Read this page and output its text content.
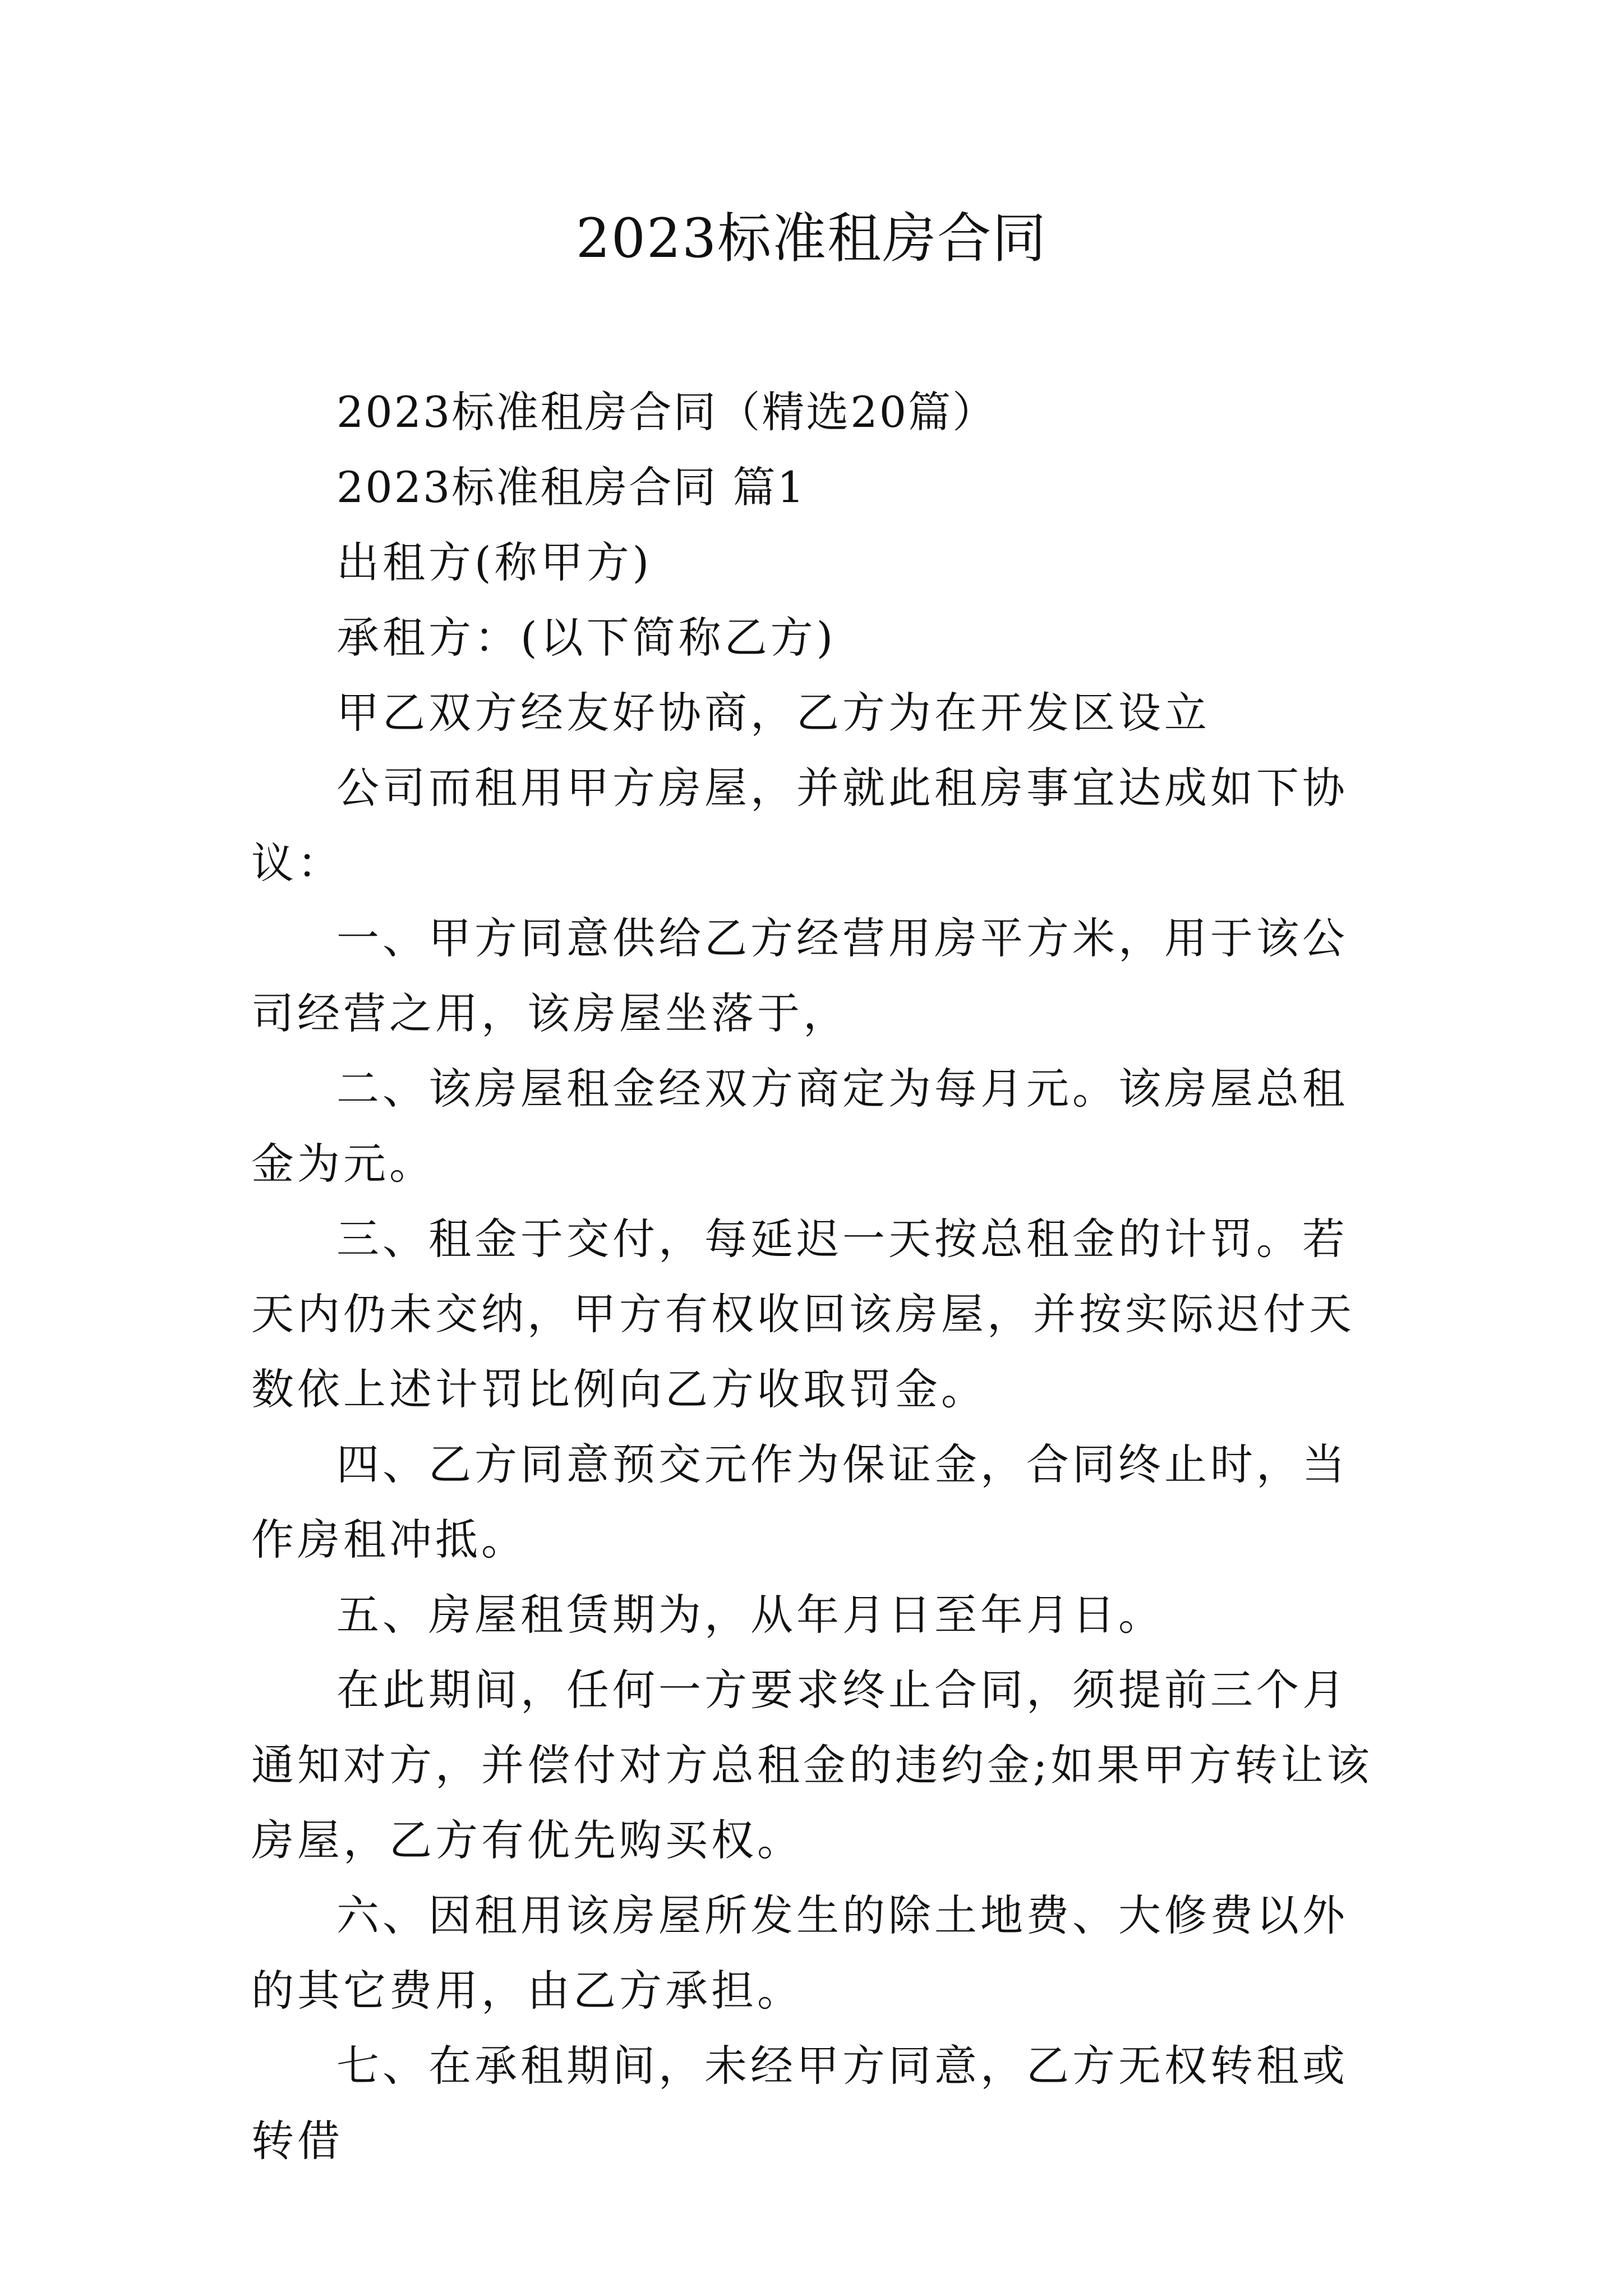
2023标准租房合同

2023标准租房合同（精选20篇）

2023标准租房合同 篇1

出租方(称甲方)

承租方：(以下简称乙方)

甲乙双方经友好协商，乙方为在开发区设立

公司而租用甲方房屋，并就此租房事宜达成如下协议：

一、甲方同意供给乙方经营用房平方米，用于该公司经营之用，该房屋坐落于，

二、该房屋租金经双方商定为每月元。该房屋总租金为元。

三、租金于交付，每延迟一天按总租金的计罚。若天内仍未交纳，甲方有权收回该房屋，并按实际迟付天数依上述计罚比例向乙方收取罚金。

四、乙方同意预交元作为保证金，合同终止时，当作房租冲抵。

五、房屋租赁期为，从年月日至年月日。

在此期间，任何一方要求终止合同，须提前三个月通知对方，并偿付对方总租金的违约金;如果甲方转让该房屋，乙方有优先购买权。

六、因租用该房屋所发生的除土地费、大修费以外的其它费用，由乙方承担。

七、在承租期间，未经甲方同意，乙方无权转租或转借
